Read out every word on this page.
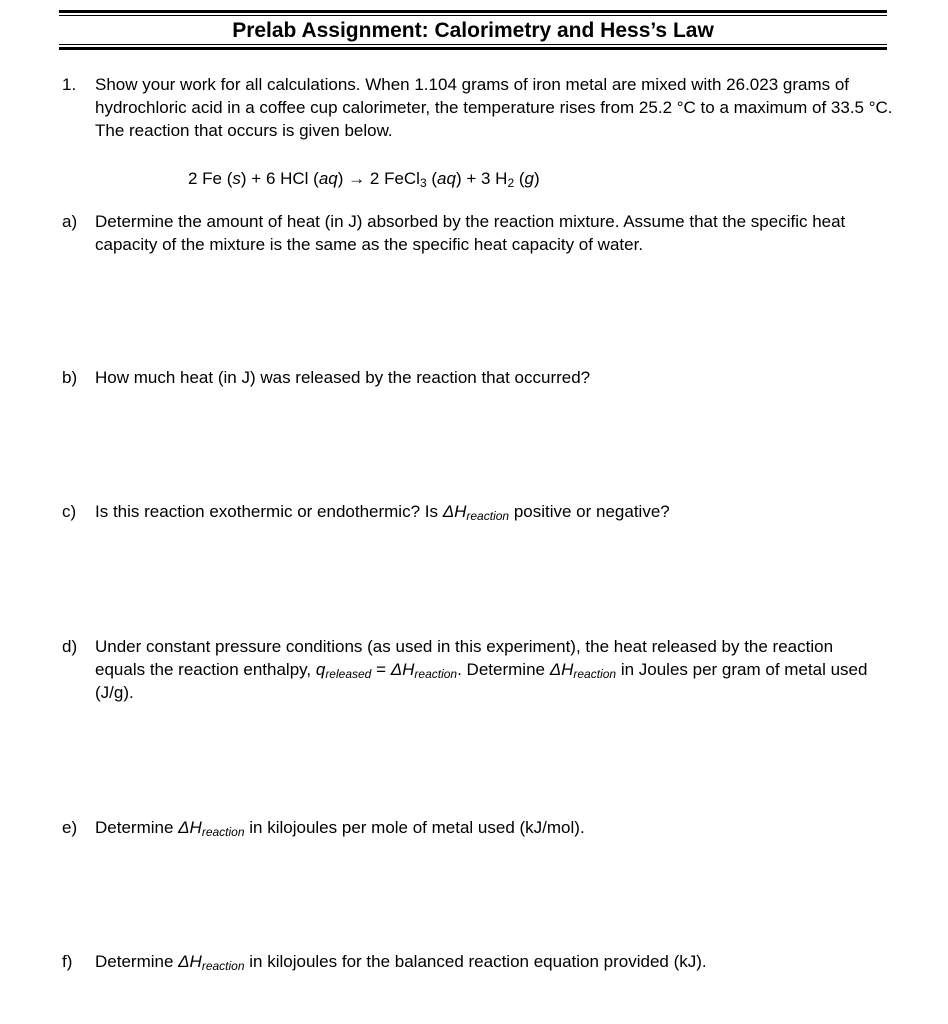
Prelab Assignment: Calorimetry and Hess’s Law
1. Show your work for all calculations. When 1.104 grams of iron metal are mixed with 26.023 grams of hydrochloric acid in a coffee cup calorimeter, the temperature rises from 25.2 °C to a maximum of 33.5 °C. The reaction that occurs is given below.
2 Fe (s) + 6 HCl (aq) → 2 FeCl$_3$ (aq) + 3 $H_2$ (g)
a) Determine the amount of heat (in J) absorbed by the reaction mixture. Assume that the specific heat capacity of the mixture is the same as the specific heat capacity of water.
b) How much heat (in J) was released by the reaction that occurred?
c) Is this reaction exothermic or endothermic? Is $\Delta H_{reaction}$ positive or negative?
d) Under constant pressure conditions (as used in this experiment), the heat released by the reaction equals the reaction enthalpy, $q_{released} = \Delta H_{reaction}$. Determine $\Delta H_{reaction}$ in Joules per gram of metal used (J/g).
e) Determine $\Delta H_{reaction}$ in kilojoules per mole of metal used (kJ/mol).
f) Determine $\Delta H_{reaction}$ in kilojoules for the balanced reaction equation provided (kJ).
